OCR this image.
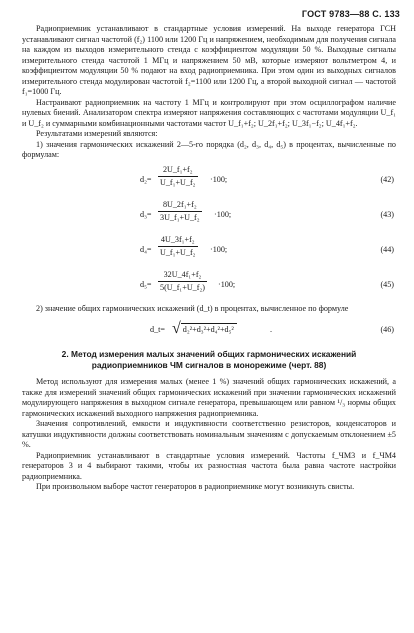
ГОСТ 9783—88 С. 133

Радиоприемник устанавливают в стандартные условия измерений. На выходе генератора ГСН устанавливают сигнал частотой (f₂) 1100 или 1200 Гц и напряжением, необходимым для получения сигнала на каждом из выходов измерительного стенда с коэффициентом модуляции 50 %. Выходные сигналы измерительного стенда частотой 1 МГц и напряжением 50 мВ, которые измеряют вольтметром 4, и коэффициентом модуляции 50 % подают на вход радиоприемника. При этом один из выходных сигналов измерительного стенда модулирован частотой f₂=1100 или 1200 Гц, а второй выходной сигнал — частотой f₁=1000 Гц.

Настраивают радиоприемник на частоту 1 МГц и контролируют при этом осциллографом наличие нулевых биений. Анализатором спектра измеряют напряжения составляющих с частотами модуляции U_f₁ и U_f₂ и суммарными комбинационными частотами частот U_f₁+f₂; U_2f₁+f₂; U_3f₁−f₂; U_4f₁+f₂.

Результатами измерений являются:

1) значения гармонических искажений 2—5-го порядка (d₂, d₃, d₄, d₅) в процентах, вычисленные по формулам:

d₂=
2U_f₁+f₂
U_f₁+U_f₂ ·100;	(42)
d₃=
8U_2f₁+f₂
3U_f₁+U_f₂ ·100;	(43)
d₄=
4U_3f₁+f₂
U_f₁+U_f₂ ·100;	(44)
d₅=
32U_4f₁+f₂
5(U_f₁+U_f₂) ·100;	(45)

2) значение общих гармонических искажений (d_t) в процентах, вычисленное по формуле

d_t= √ d₂²+d₃²+d₄²+d₅²	.	(46)
2. Метод измерения малых значений общих гармонических искажений
радиоприемников ЧМ сигналов в монорежиме (черт. 88)

Метод используют для измерения малых (менее 1 %) значений общих гармонических искажений, а также для измерений значений общих гармонических искажений при значении гармонических искажений модулирующего напряжения в выходном сигнале генератора, превышающем или равном ¹/₃ нормы общих гармонических искажений выходного напряжения радиоприемника.

Значения сопротивлений, емкости и индуктивности соответственно резисторов, конденсаторов и катушки индуктивности должны соответствовать номинальным значениям с допускаемым отклонением ±5 %.

Радиоприемник устанавливают в стандартные условия измерений. Частоты f_ЧМ3 и f_ЧМ4 генераторов 3 и 4 выбирают такими, чтобы их разностная частота была равна частоте настройки радиоприемника.

При произвольном выборе частот генераторов в радиоприемнике могут возникнуть свисты.
